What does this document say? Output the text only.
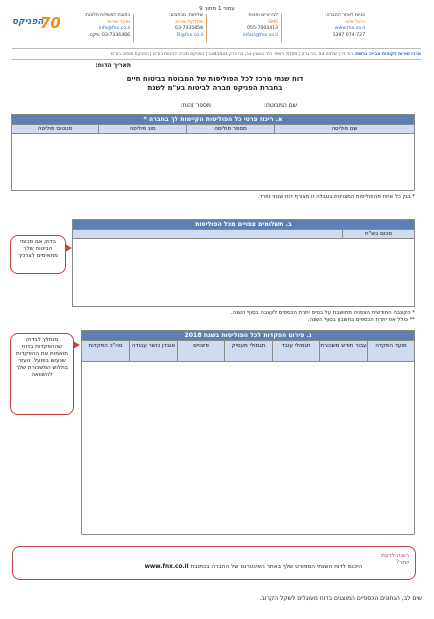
עמוד 1 מתוך 9
הפניקס
70	כתובת למשלוח תלונות:
מוקד שירות
info@fnx.co.il
03-7336466 :פקס
שליחות, מכתבים:
מחלקת שירות
03-7335858
Fi@fnx.co.il
לבירורים ופניות
SMS
055-7003413
infocl@fnx.co.il
פניות לאתר החברה:
ניהול אישי
www.fnx.co.il
074-727 1397
מרכז שירות לקוחות וגבייה ברשת: רח' דרך שלמה 53, בני ברק | מסלול ראשי: רח' הגאגין 53, בני ברק 5345433 | הפניקס חברה לביטוח בע"מ | הפניקס פנסיה בע"מ
תאריך הדוח:
דוח שנתי מרכז לכל הפוליסות של המבוטח בביטוח חיים
בחברת הפניקס חברה לביטוח בע"מ לשנת
שם המבוטח:
מספר זהות:
א. ריכוז פרטי כל הפוליסות הקיימות לך בחברה *
שם פוליסה
מספר פוליסה
סוג פוליסה
סטטוס פוליסה
* בגין כל אחת מהפוליסות המצוינות בטבלה זו מצורף דוח שנתי נפרד.
ב. תשלומים צפויים מכל הפוליסות
סכום בש"ח
* הקצבה החודשית הצפויה מחושבת על בסיס יתרת הכספים לקצבה בסוף השנה.
** כולל את יתרת הכספים בחשבון בסוף השנה.
בדוק אם סכומי הביטוח שלך מתאימים לצרכיך
ג. פירוט הפקדות לכל הפוליסות בשנת 2018
מועד הפקדה
עבור חודש משכורת
תגמולי עובד
תגמולי מעסיק
פיצויים
אובדן כושר עבודה
סה"כ הפקדות
מומלץ לבדוק שההפקדות בדוח תואמות את ההפקדות שנעשו בפועל. העזר בתלוש המשכורת שלך להשוואה
רוצה לדעת יותר?
היכנס לדוח השנתי המפורט שלך באתר האינטרנט של החברה בכתובת www.fnx.co.il
שים לב, הנתונים הכספיים המוצגים בדוח מעוגלים לשקל הקרוב.
